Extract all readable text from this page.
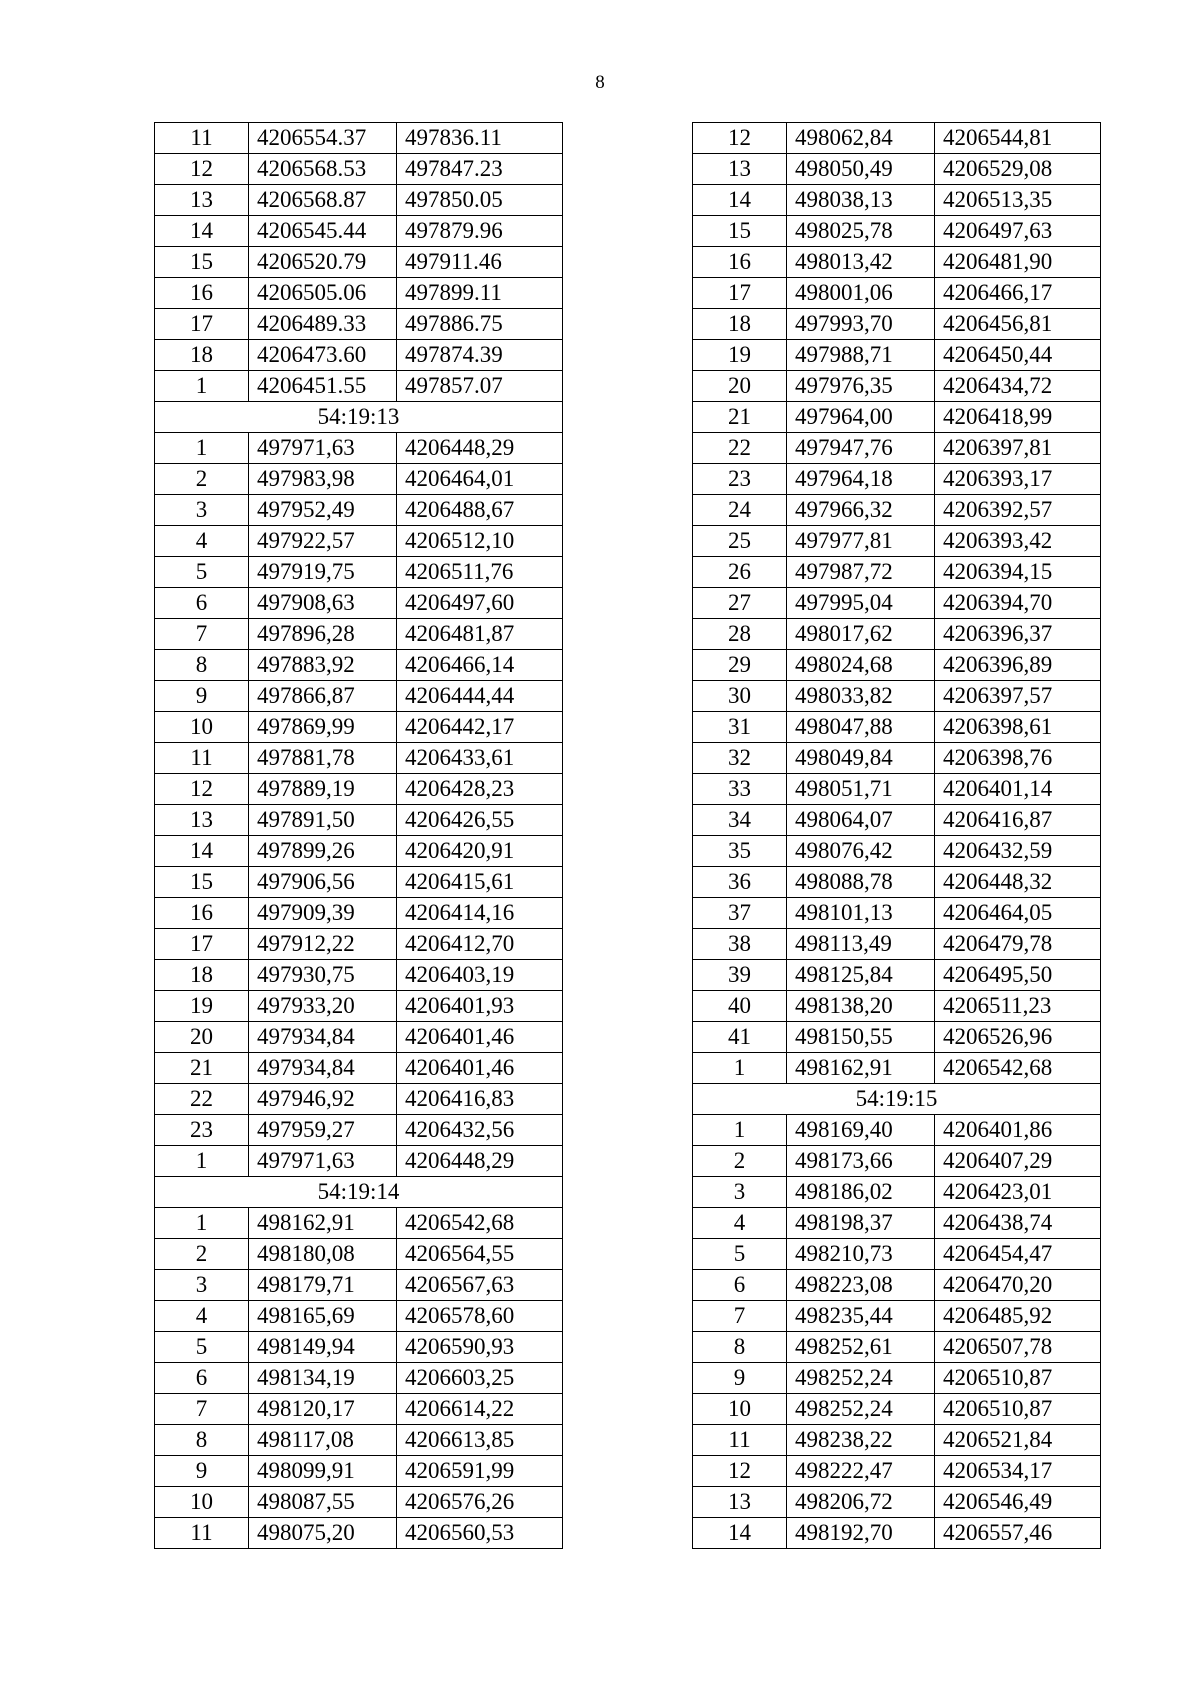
8
11	4206554.37	497836.11
12	4206568.53	497847.23
13	4206568.87	497850.05
14	4206545.44	497879.96
15	4206520.79	497911.46
16	4206505.06	497899.11
17	4206489.33	497886.75
18	4206473.60	497874.39
1	4206451.55	497857.07
54:19:13		
1	497971,63	4206448,29
2	497983,98	4206464,01
3	497952,49	4206488,67
4	497922,57	4206512,10
5	497919,75	4206511,76
6	497908,63	4206497,60
7	497896,28	4206481,87
8	497883,92	4206466,14
9	497866,87	4206444,44
10	497869,99	4206442,17
11	497881,78	4206433,61
12	497889,19	4206428,23
13	497891,50	4206426,55
14	497899,26	4206420,91
15	497906,56	4206415,61
16	497909,39	4206414,16
17	497912,22	4206412,70
18	497930,75	4206403,19
19	497933,20	4206401,93
20	497934,84	4206401,46
21	497934,84	4206401,46
22	497946,92	4206416,83
23	497959,27	4206432,56
1	497971,63	4206448,29
54:19:14		
1	498162,91	4206542,68
2	498180,08	4206564,55
3	498179,71	4206567,63
4	498165,69	4206578,60
5	498149,94	4206590,93
6	498134,19	4206603,25
7	498120,17	4206614,22
8	498117,08	4206613,85
9	498099,91	4206591,99
10	498087,55	4206576,26
11	498075,20	4206560,53
12	498062,84	4206544,81
13	498050,49	4206529,08
14	498038,13	4206513,35
15	498025,78	4206497,63
16	498013,42	4206481,90
17	498001,06	4206466,17
18	497993,70	4206456,81
19	497988,71	4206450,44
20	497976,35	4206434,72
21	497964,00	4206418,99
22	497947,76	4206397,81
23	497964,18	4206393,17
24	497966,32	4206392,57
25	497977,81	4206393,42
26	497987,72	4206394,15
27	497995,04	4206394,70
28	498017,62	4206396,37
29	498024,68	4206396,89
30	498033,82	4206397,57
31	498047,88	4206398,61
32	498049,84	4206398,76
33	498051,71	4206401,14
34	498064,07	4206416,87
35	498076,42	4206432,59
36	498088,78	4206448,32
37	498101,13	4206464,05
38	498113,49	4206479,78
39	498125,84	4206495,50
40	498138,20	4206511,23
41	498150,55	4206526,96
1	498162,91	4206542,68
54:19:15		
1	498169,40	4206401,86
2	498173,66	4206407,29
3	498186,02	4206423,01
4	498198,37	4206438,74
5	498210,73	4206454,47
6	498223,08	4206470,20
7	498235,44	4206485,92
8	498252,61	4206507,78
9	498252,24	4206510,87
10	498252,24	4206510,87
11	498238,22	4206521,84
12	498222,47	4206534,17
13	498206,72	4206546,49
14	498192,70	4206557,46
